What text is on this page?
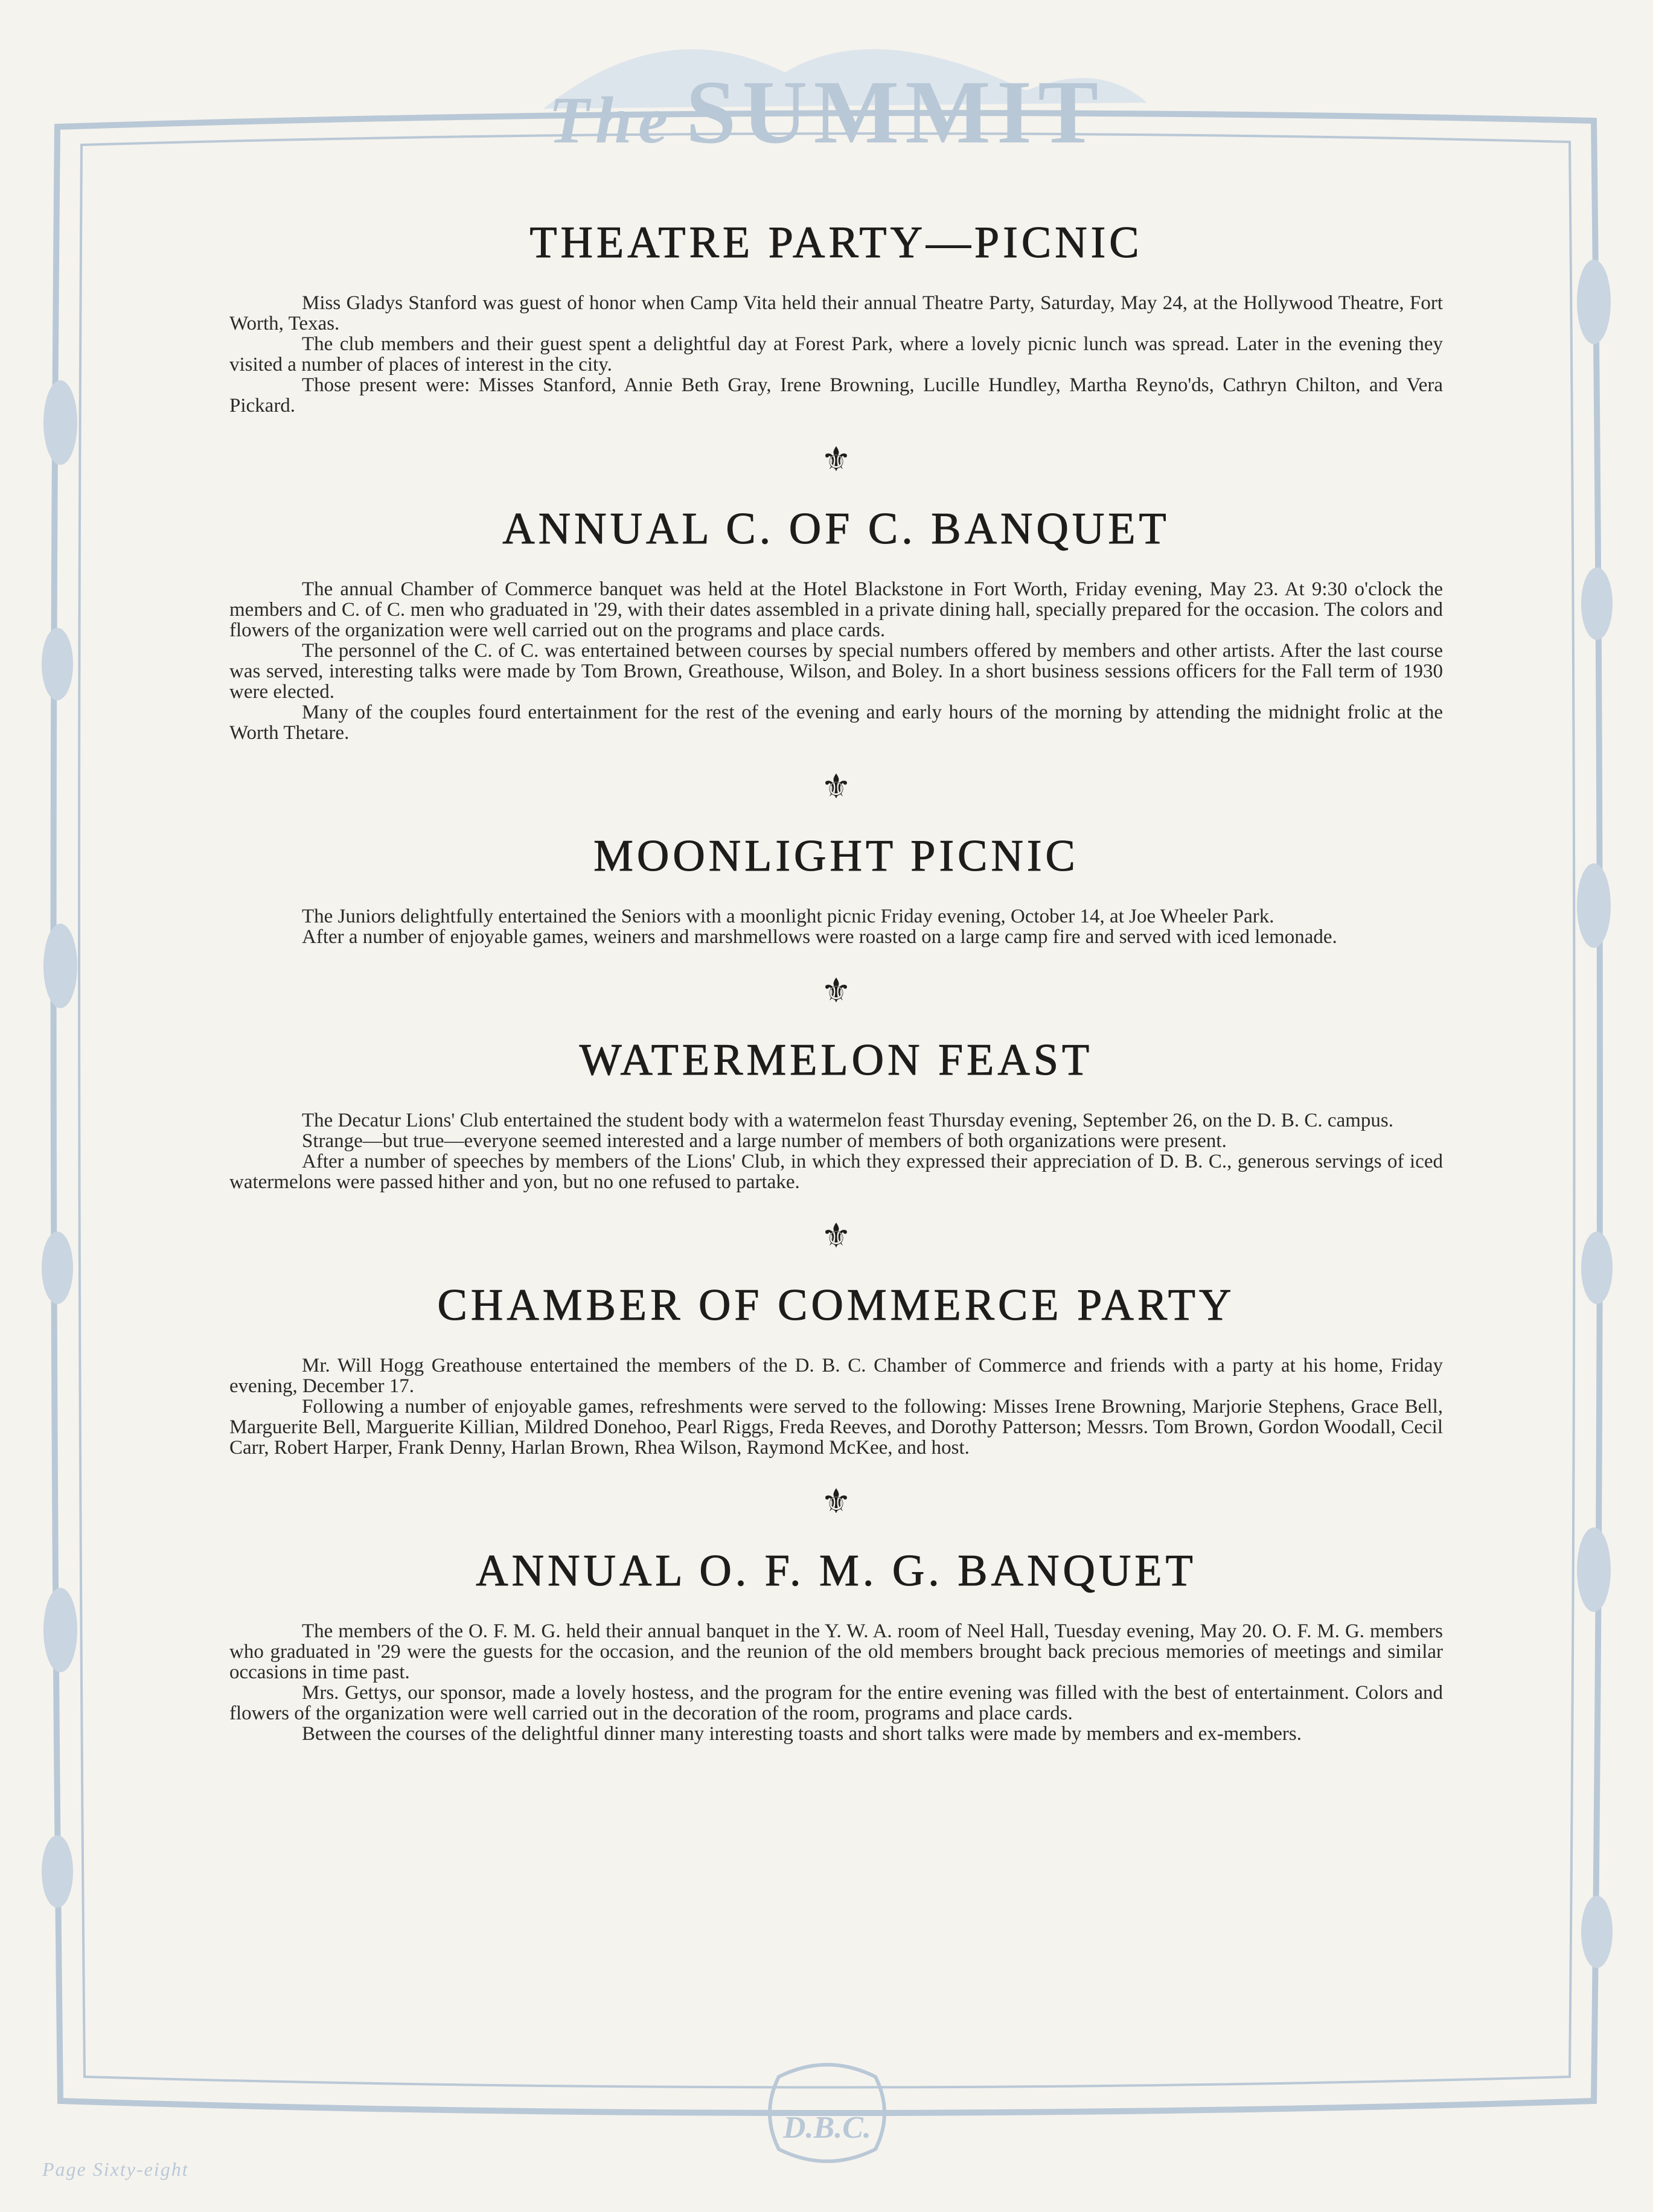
The SUMMIT
THEATRE PARTY—PICNIC

Miss Gladys Stanford was guest of honor when Camp Vita held their annual Theatre Party, Saturday, May 24, at the Hollywood Theatre, Fort Worth, Texas.

The club members and their guest spent a delightful day at Forest Park, where a lovely picnic lunch was spread. Later in the evening they visited a number of places of interest in the city.

Those present were: Misses Stanford, Annie Beth Gray, Irene Browning, Lucille Hundley, Martha Reyno'ds, Cathryn Chilton, and Vera Pickard.

⚜
ANNUAL C. OF C. BANQUET

The annual Chamber of Commerce banquet was held at the Hotel Blackstone in Fort Worth, Friday evening, May 23. At 9:30 o'clock the members and C. of C. men who graduated in '29, with their dates assembled in a private dining hall, specially prepared for the occasion. The colors and flowers of the organization were well carried out on the programs and place cards.

The personnel of the C. of C. was entertained between courses by special numbers offered by members and other artists. After the last course was served, interesting talks were made by Tom Brown, Greathouse, Wilson, and Boley. In a short business sessions officers for the Fall term of 1930 were elected.

Many of the couples fourd entertainment for the rest of the evening and early hours of the morning by attending the midnight frolic at the Worth Thetare.

⚜
MOONLIGHT PICNIC

The Juniors delightfully entertained the Seniors with a moonlight picnic Friday evening, October 14, at Joe Wheeler Park.

After a number of enjoyable games, weiners and marshmellows were roasted on a large camp fire and served with iced lemonade.

⚜
WATERMELON FEAST

The Decatur Lions' Club entertained the student body with a watermelon feast Thursday evening, September 26, on the D. B. C. campus.

Strange—but true—everyone seemed interested and a large number of members of both organizations were present.

After a number of speeches by members of the Lions' Club, in which they expressed their appreciation of D. B. C., generous servings of iced watermelons were passed hither and yon, but no one refused to partake.

⚜
CHAMBER OF COMMERCE PARTY

Mr. Will Hogg Greathouse entertained the members of the D. B. C. Chamber of Commerce and friends with a party at his home, Friday evening, December 17.

Following a number of enjoyable games, refreshments were served to the following: Misses Irene Browning, Marjorie Stephens, Grace Bell, Marguerite Bell, Marguerite Killian, Mildred Donehoo, Pearl Riggs, Freda Reeves, and Dorothy Patterson; Messrs. Tom Brown, Gordon Woodall, Cecil Carr, Robert Harper, Frank Denny, Harlan Brown, Rhea Wilson, Raymond McKee, and host.

⚜
ANNUAL O. F. M. G. BANQUET

The members of the O. F. M. G. held their annual banquet in the Y. W. A. room of Neel Hall, Tuesday evening, May 20. O. F. M. G. members who graduated in '29 were the guests for the occasion, and the reunion of the old members brought back precious memories of meetings and similar occasions in time past.

Mrs. Gettys, our sponsor, made a lovely hostess, and the program for the entire evening was filled with the best of entertainment. Colors and flowers of the organization were well carried out in the decoration of the room, programs and place cards.

Between the courses of the delightful dinner many interesting toasts and short talks were made by members and ex-members.

D.B.C.
Page Sixty-eight
